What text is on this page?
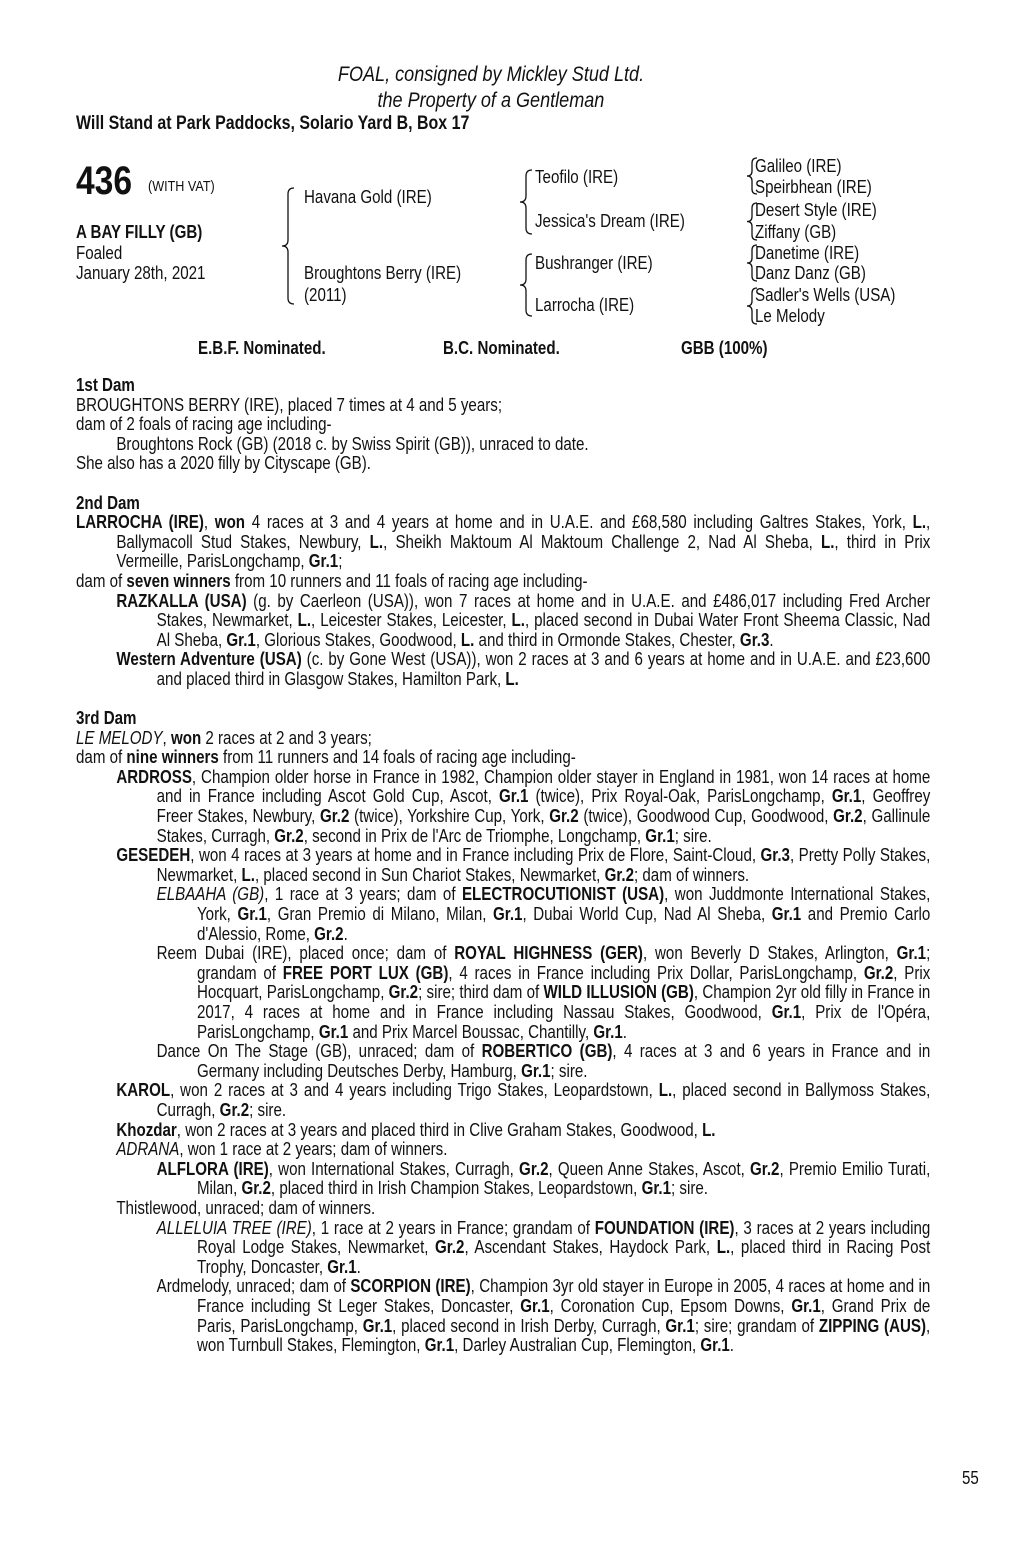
FOAL, consigned by Mickley Stud Ltd.
the Property of a Gentleman
Will Stand at Park Paddocks, Solario Yard B, Box 17
436 (WITH VAT)
A BAY FILLY (GB)
Foaled
January 28th, 2021
Havana Gold (IRE)
Broughtons Berry (IRE)
(2011)
Teofilo (IRE)
Jessica's Dream (IRE)
Bushranger (IRE)
Larrocha (IRE)
Galileo (IRE)
Speirbhean (IRE)
Desert Style (IRE)
Ziffany (GB)
Danetime (IRE)
Danz Danz (GB)
Sadler's Wells (USA)
Le Melody
E.B.F. Nominated.	B.C. Nominated.	GBB (100%)
1st Dam
BROUGHTONS BERRY (IRE), placed 7 times at 4 and 5 years;
dam of 2 foals of racing age including-
Broughtons Rock (GB) (2018 c. by Swiss Spirit (GB)), unraced to date.
She also has a 2020 filly by Cityscape (GB).
2nd Dam
LARROCHA (IRE), won 4 races at 3 and 4 years at home and in U.A.E. and £68,580 including Galtres Stakes, York, L., Ballymacoll Stud Stakes, Newbury, L., Sheikh Maktoum Al Maktoum Challenge 2, Nad Al Sheba, L., third in Prix Vermeille, ParisLongchamp, Gr.1;
dam of seven winners from 10 runners and 11 foals of racing age including-
RAZKALLA (USA) (g. by Caerleon (USA)), won 7 races at home and in U.A.E. and £486,017 including Fred Archer Stakes, Newmarket, L., Leicester Stakes, Leicester, L., placed second in Dubai Water Front Sheema Classic, Nad Al Sheba, Gr.1, Glorious Stakes, Goodwood, L. and third in Ormonde Stakes, Chester, Gr.3.
Western Adventure (USA) (c. by Gone West (USA)), won 2 races at 3 and 6 years at home and in U.A.E. and £23,600 and placed third in Glasgow Stakes, Hamilton Park, L.
3rd Dam
LE MELODY, won 2 races at 2 and 3 years;
dam of nine winners from 11 runners and 14 foals of racing age including-
ARDROSS, Champion older horse in France in 1982, Champion older stayer in England in 1981, won 14 races at home and in France including Ascot Gold Cup, Ascot, Gr.1 (twice), Prix Royal-Oak, ParisLongchamp, Gr.1, Geoffrey Freer Stakes, Newbury, Gr.2 (twice), Yorkshire Cup, York, Gr.2 (twice), Goodwood Cup, Goodwood, Gr.2, Gallinule Stakes, Curragh, Gr.2, second in Prix de l'Arc de Triomphe, Longchamp, Gr.1; sire.
GESEDEH, won 4 races at 3 years at home and in France including Prix de Flore, Saint-Cloud, Gr.3, Pretty Polly Stakes, Newmarket, L., placed second in Sun Chariot Stakes, Newmarket, Gr.2; dam of winners.
ELBAAHA (GB), 1 race at 3 years; dam of ELECTROCUTIONIST (USA), won Juddmonte International Stakes, York, Gr.1, Gran Premio di Milano, Milan, Gr.1, Dubai World Cup, Nad Al Sheba, Gr.1 and Premio Carlo d'Alessio, Rome, Gr.2.
Reem Dubai (IRE), placed once; dam of ROYAL HIGHNESS (GER), won Beverly D Stakes, Arlington, Gr.1; grandam of FREE PORT LUX (GB), 4 races in France including Prix Dollar, ParisLongchamp, Gr.2, Prix Hocquart, ParisLongchamp, Gr.2; sire; third dam of WILD ILLUSION (GB), Champion 2yr old filly in France in 2017, 4 races at home and in France including Nassau Stakes, Goodwood, Gr.1, Prix de l'Opéra, ParisLongchamp, Gr.1 and Prix Marcel Boussac, Chantilly, Gr.1.
Dance On The Stage (GB), unraced; dam of ROBERTICO (GB), 4 races at 3 and 6 years in France and in Germany including Deutsches Derby, Hamburg, Gr.1; sire.
KAROL, won 2 races at 3 and 4 years including Trigo Stakes, Leopardstown, L., placed second in Ballymoss Stakes, Curragh, Gr.2; sire.
Khozdar, won 2 races at 3 years and placed third in Clive Graham Stakes, Goodwood, L.
ADRANA, won 1 race at 2 years; dam of winners.
ALFLORA (IRE), won International Stakes, Curragh, Gr.2, Queen Anne Stakes, Ascot, Gr.2, Premio Emilio Turati, Milan, Gr.2, placed third in Irish Champion Stakes, Leopardstown, Gr.1; sire.
Thistlewood, unraced; dam of winners.
ALLELUIA TREE (IRE), 1 race at 2 years in France; grandam of FOUNDATION (IRE), 3 races at 2 years including Royal Lodge Stakes, Newmarket, Gr.2, Ascendant Stakes, Haydock Park, L., placed third in Racing Post Trophy, Doncaster, Gr.1.
Ardmelody, unraced; dam of SCORPION (IRE), Champion 3yr old stayer in Europe in 2005, 4 races at home and in France including St Leger Stakes, Doncaster, Gr.1, Coronation Cup, Epsom Downs, Gr.1, Grand Prix de Paris, ParisLongchamp, Gr.1, placed second in Irish Derby, Curragh, Gr.1; sire; grandam of ZIPPING (AUS), won Turnbull Stakes, Flemington, Gr.1, Darley Australian Cup, Flemington, Gr.1.
55
